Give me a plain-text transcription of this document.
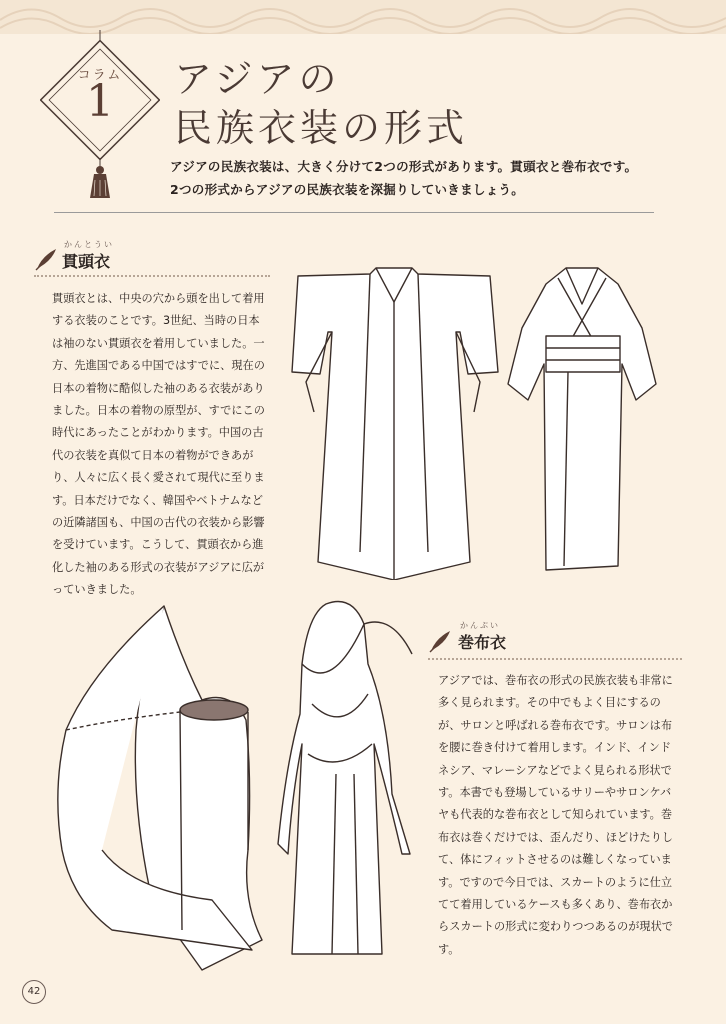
コラム
1	アジアの
民族衣装の形式
アジアの民族衣装は、大きく分けて2つの形式があります。貫頭衣と巻布衣です。
2つの形式からアジアの民族衣装を深掘りしていきましょう。
かんとうい
貫頭衣
貫頭衣とは、中央の穴から頭を出して着用する衣装のことです。3世紀、当時の日本は袖のない貫頭衣を着用していました。一方、先進国である中国ではすでに、現在の日本の着物に酷似した袖のある衣装がありました。日本の着物の原型が、すでにこの時代にあったことがわかります。中国の古代の衣装を真似て日本の着物ができあがり、人々に広く長く愛されて現代に至ります。日本だけでなく、韓国やベトナムなどの近隣諸国も、中国の古代の衣装から影響を受けています。こうして、貫頭衣から進化した袖のある形式の衣装がアジアに広がっていきました。
かんぷい
巻布衣
アジアでは、巻布衣の形式の民族衣装も非常に多く見られます。その中でもよく目にするのが、サロンと呼ばれる巻布衣です。サロンは布を腰に巻き付けて着用します。インド、インドネシア、マレーシアなどでよく見られる形状です。本書でも登場しているサリーやサロンケバヤも代表的な巻布衣として知られています。巻布衣は巻くだけでは、歪んだり、ほどけたりして、体にフィットさせるのは難しくなっています。ですので今日では、スカートのように仕立てて着用しているケースも多くあり、巻布衣からスカートの形式に変わりつつあるのが現状です。
42
